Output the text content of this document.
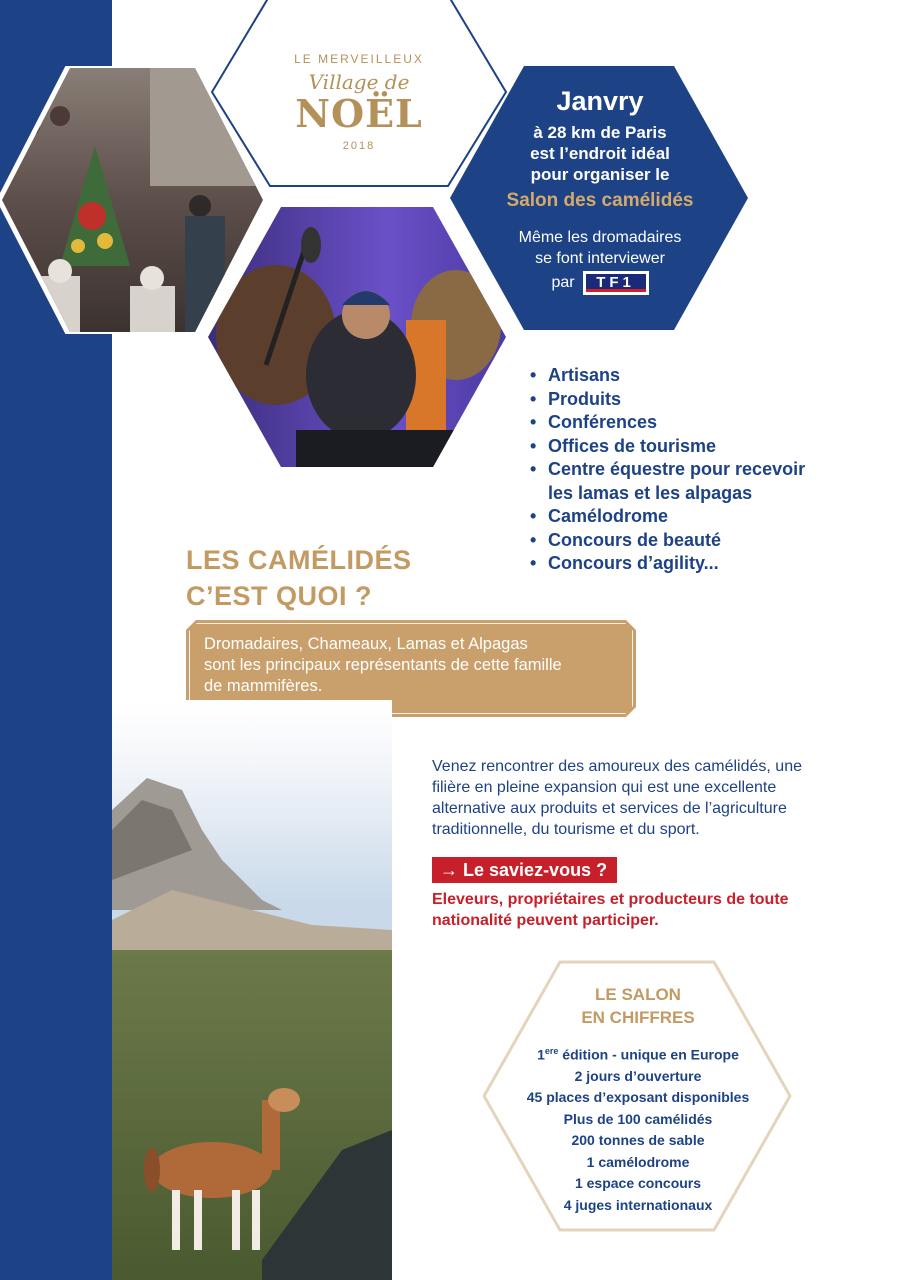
LE MERVEILLEUX
Village de
NOËL
2018
Janvry
à 28 km de Paris
est l’endroit idéal
pour organiser le
Salon des camélidés
Même les dromadaires
se font interviewer
par	TF1
• Artisans
• Produits
• Conférences
• Offices de tourisme
• Centre équestre pour recevoir
les lamas et les alpagas
• Camélodrome
• Concours de beauté
• Concours d’agility...
LES CAMÉLIDÉS
C’EST QUOI ?
Dromadaires, Chameaux, Lamas et Alpagas
sont les principaux représentants de cette famille
de mammifères.
Venez rencontrer des amoureux des camélidés, une
filière en pleine expansion qui est une excellente
alternative aux produits et services de l’agriculture
traditionnelle, du tourisme et du sport.
→ Le saviez-vous ?
Eleveurs, propriétaires et producteurs de toute
nationalité peuvent participer.
LE SALON
EN CHIFFRES
1ere édition - unique en Europe
2 jours d’ouverture
45 places d’exposant disponibles
Plus de 100 camélidés
200 tonnes de sable
1 camélodrome
1 espace concours
4 juges internationaux
